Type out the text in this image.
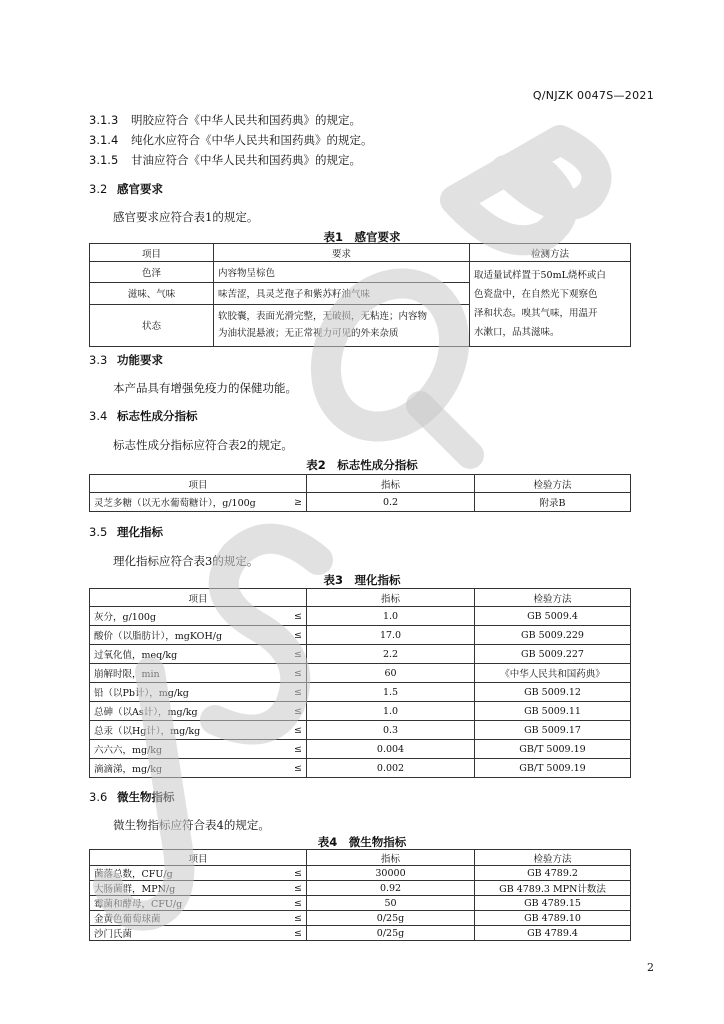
Q/NJZK 0047S—2021
3.1.3 明胶应符合《中华人民共和国药典》的规定。
3.1.4 纯化水应符合《中华人民共和国药典》的规定。
3.1.5 甘油应符合《中华人民共和国药典》的规定。
3.2 感官要求
感官要求应符合表1的规定。
表1　感官要求
项目	要求	检测方法
色泽	内容物呈棕色	取适量试样置于50mL烧杯或白
色瓷盘中，在自然光下观察色
泽和状态。嗅其气味，用温开
水漱口，品其滋味。

滋味、气味	味苦涩，具灵芝孢子和紫苏籽油气味	
状态	软胶囊，表面光滑完整，无破损，无粘连；内容物
为油状混悬液；无正常视力可见的外来杂质	
3.3 功能要求
本产品具有增强免疫力的保健功能。
3.4 标志性成分指标
标志性成分指标应符合表2的规定。
表2　标志性成分指标
项目		指标	检验方法
灵芝多糖（以无水葡萄糖计），g/100g	≥	0.2	附录B
3.5 理化指标
理化指标应符合表3的规定。
表3　理化指标
项目		指标	检验方法
灰分，g/100g	≤	1.0	GB 5009.4
酸价（以脂肪计），mgKOH/g	≤	17.0	GB 5009.229
过氧化值，meq/kg	≤	2.2	GB 5009.227
崩解时限，min	≤	60	《中华人民共和国药典》
铅（以Pb计），mg/kg	≤	1.5	GB 5009.12
总砷（以As计），mg/kg	≤	1.0	GB 5009.11
总汞（以Hg计），mg/kg	≤	0.3	GB 5009.17
六六六，mg/kg	≤	0.004	GB/T 5009.19
滴滴涕，mg/kg	≤	0.002	GB/T 5009.19
3.6 微生物指标
微生物指标应符合表4的规定。
表4　微生物指标
项目		指标	检验方法
菌落总数，CFU/g	≤	30000	GB 4789.2
大肠菌群，MPN/g	≤	0.92	GB 4789.3 MPN计数法
霉菌和酵母，CFU/g	≤	50	GB 4789.15
金黄色葡萄球菌	≤	0/25g	GB 4789.10
沙门氏菌	≤	0/25g	GB 4789.4
2
